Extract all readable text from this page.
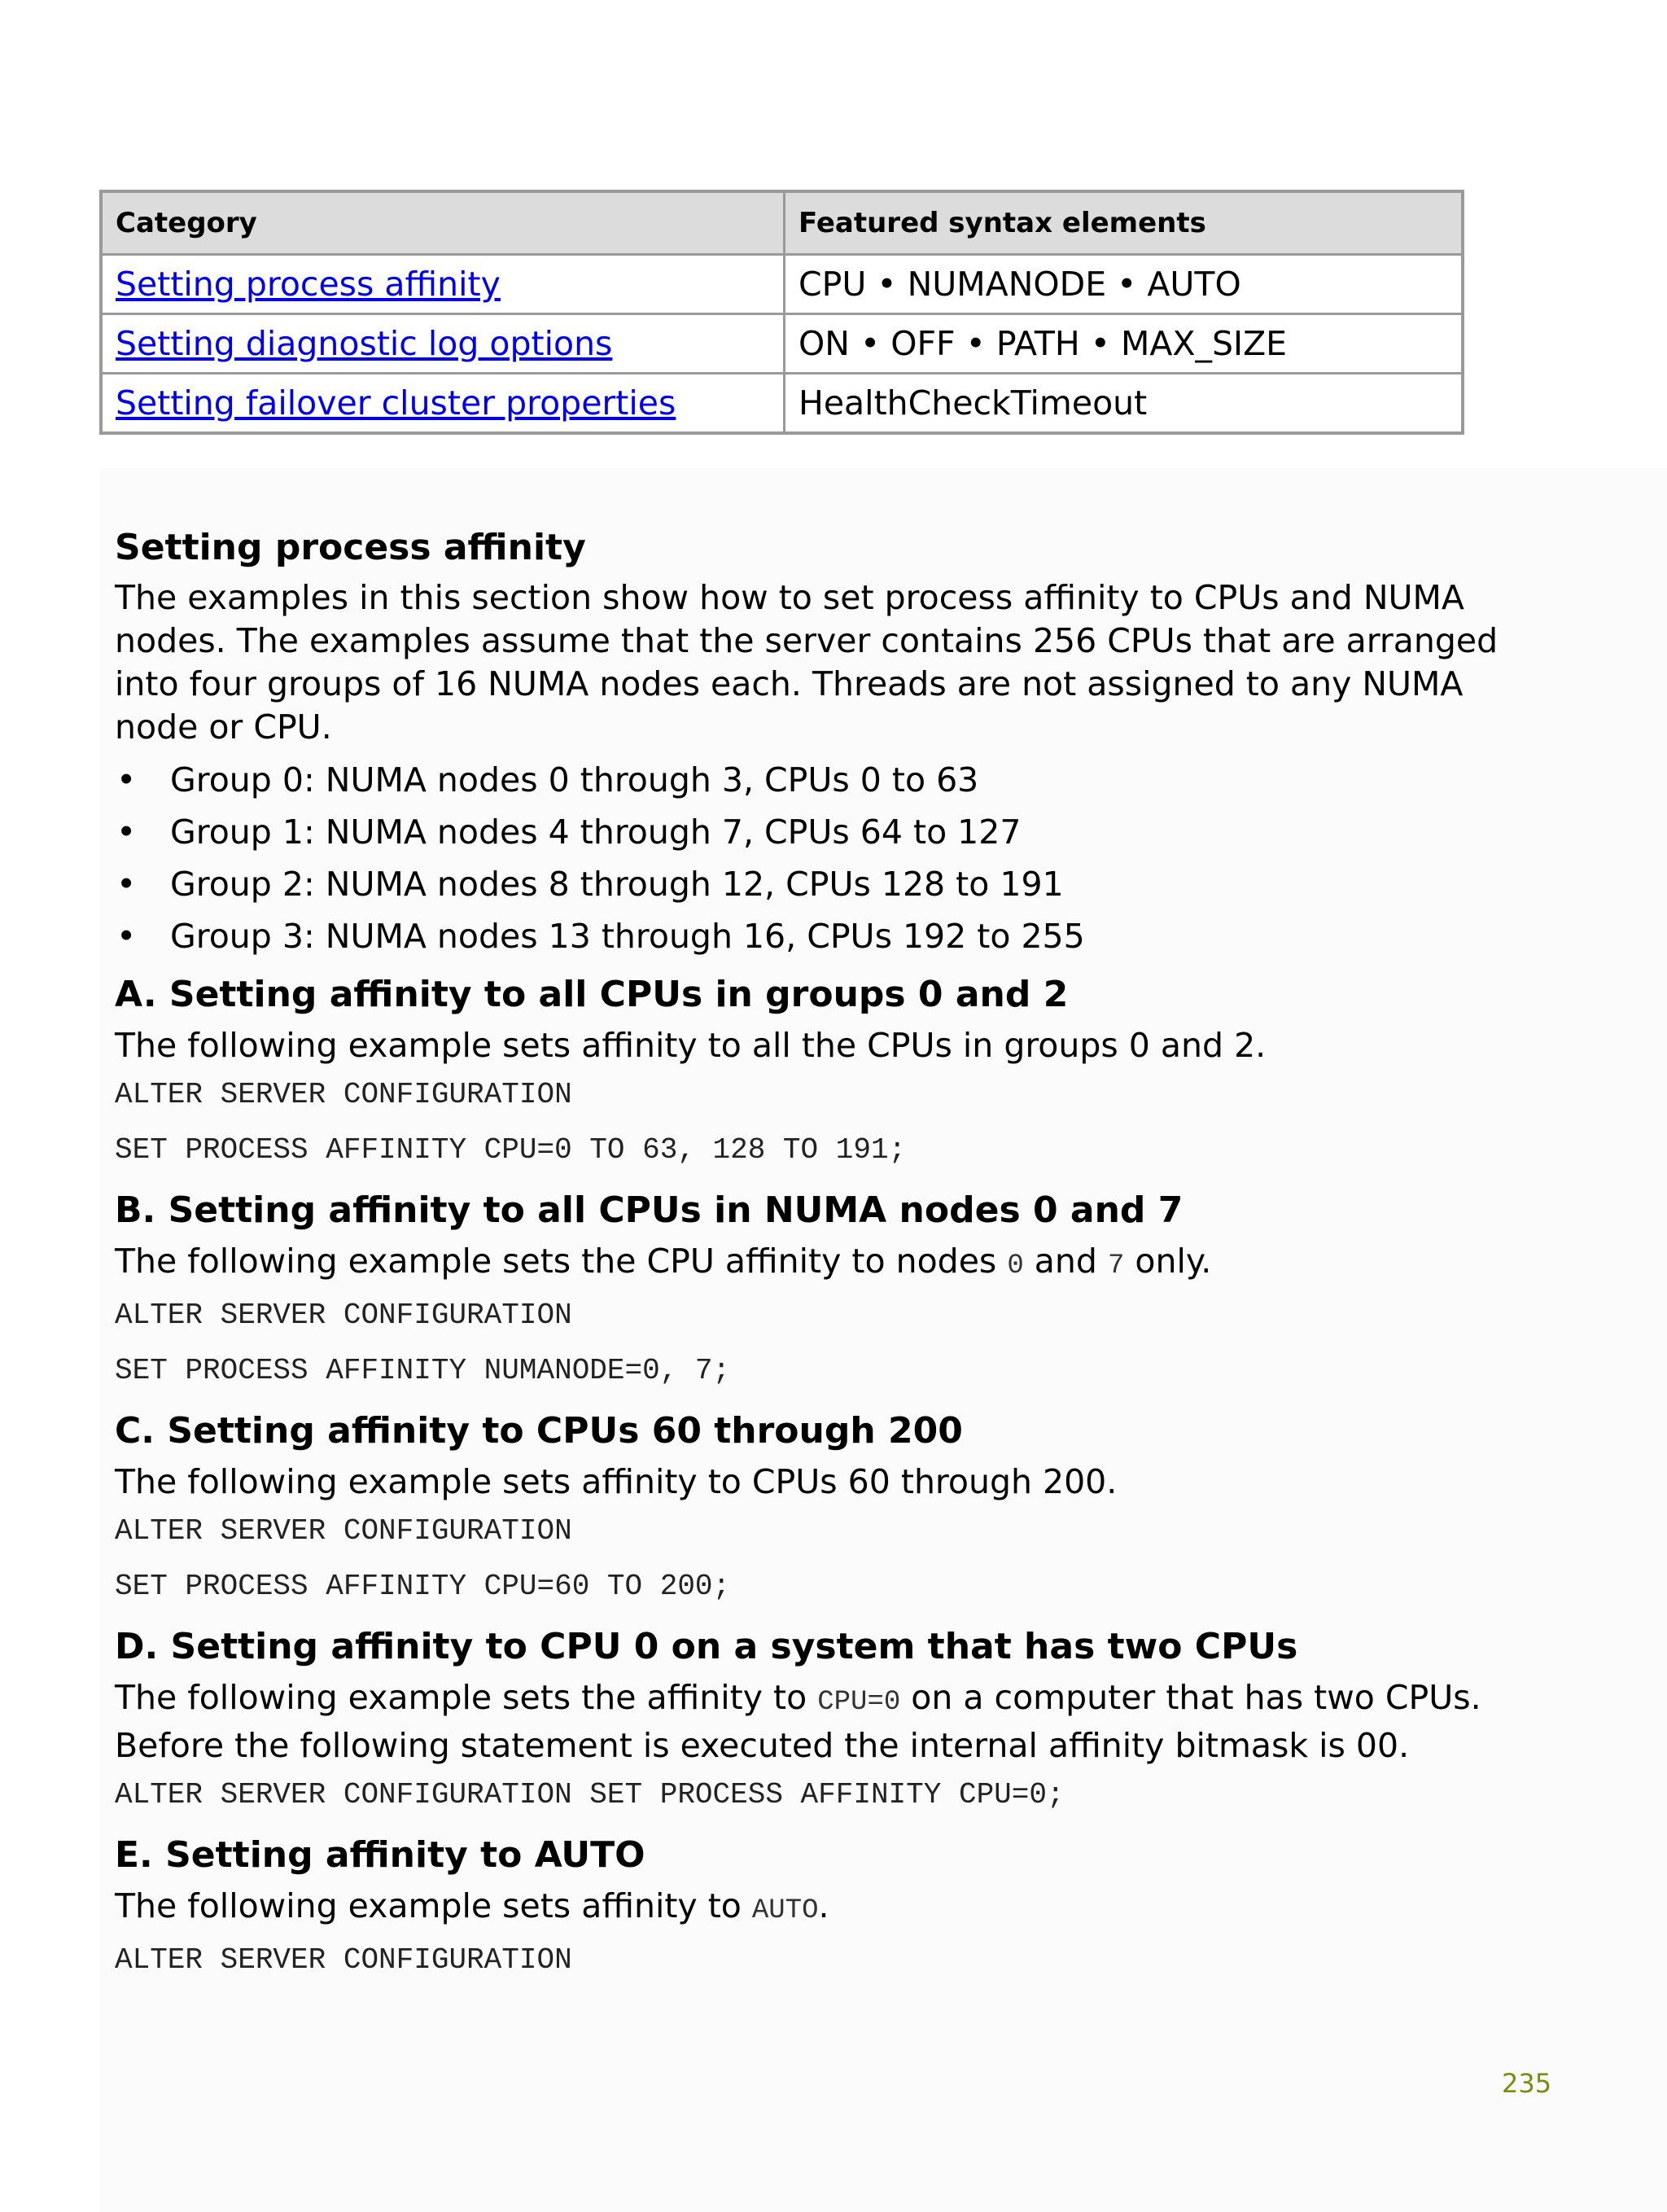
Category	Featured syntax elements
Setting process affinity	CPU • NUMANODE • AUTO
Setting diagnostic log options	ON • OFF • PATH • MAX_SIZE
Setting failover cluster properties	HealthCheckTimeout
Setting process affinity

The examples in this section show how to set process affinity to CPUs and NUMA nodes. The examples assume that the server contains 256 CPUs that are arranged into four groups of 16 NUMA nodes each. Threads are not assigned to any NUMA node or CPU.

• Group 0: NUMA nodes 0 through 3, CPUs 0 to 63
• Group 1: NUMA nodes 4 through 7, CPUs 64 to 127
• Group 2: NUMA nodes 8 through 12, CPUs 128 to 191
• Group 3: NUMA nodes 13 through 16, CPUs 192 to 255
A. Setting affinity to all CPUs in groups 0 and 2

The following example sets affinity to all the CPUs in groups 0 and 2.

ALTER SERVER CONFIGURATION
SET PROCESS AFFINITY CPU=0 TO 63, 128 TO 191;
B. Setting affinity to all CPUs in NUMA nodes 0 and 7

The following example sets the CPU affinity to nodes 0 and 7 only.

ALTER SERVER CONFIGURATION
SET PROCESS AFFINITY NUMANODE=0, 7;
C. Setting affinity to CPUs 60 through 200

The following example sets affinity to CPUs 60 through 200.

ALTER SERVER CONFIGURATION
SET PROCESS AFFINITY CPU=60 TO 200;
D. Setting affinity to CPU 0 on a system that has two CPUs

The following example sets the affinity to CPU=0 on a computer that has two CPUs. Before the following statement is executed the internal affinity bitmask is 00.

ALTER SERVER CONFIGURATION SET PROCESS AFFINITY CPU=0;
E. Setting affinity to AUTO

The following example sets affinity to AUTO.

ALTER SERVER CONFIGURATION
235
